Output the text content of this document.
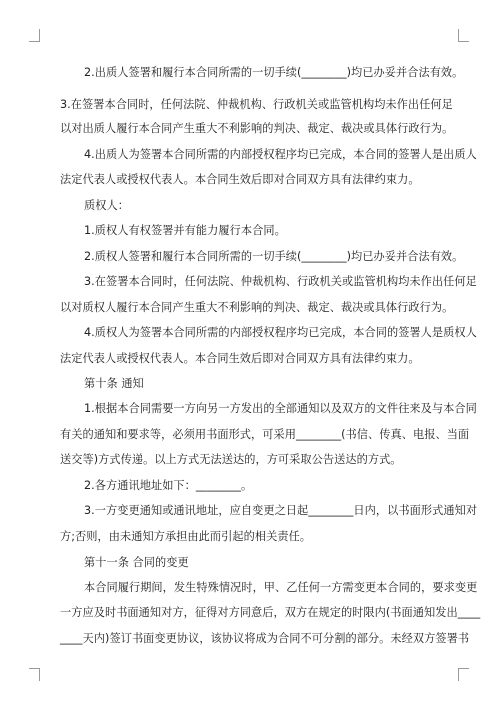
2.出质人签署和履行本合同所需的一切手续(________)均已办妥并合法有效。
3.在签署本合同时，任何法院、仲裁机构、行政机关或监管机构均未作出任何足
以对出质人履行本合同产生重大不利影响的判决、裁定、裁决或具体行政行为。
4.出质人为签署本合同所需的内部授权程序均已完成，本合同的签署人是出质人
法定代表人或授权代表人。本合同生效后即对合同双方具有法律约束力。
质权人：
1.质权人有权签署并有能力履行本合同。
2.质权人签署和履行本合同所需的一切手续(________)均已办妥并合法有效。
3.在签署本合同时，任何法院、仲裁机构、行政机关或监管机构均未作出任何足
以对质权人履行本合同产生重大不利影响的判决、裁定、裁决或具体行政行为。
4.质权人为签署本合同所需的内部授权程序均已完成，本合同的签署人是质权人
法定代表人或授权代表人。本合同生效后即对合同双方具有法律约束力。
第十条 通知
1.根据本合同需要一方向另一方发出的全部通知以及双方的文件往来及与本合同
有关的通知和要求等，必须用书面形式，可采用________(书信、传真、电报、当面
送交等)方式传递。以上方式无法送达的，方可采取公告送达的方式。
2.各方通讯地址如下：________。
3.一方变更通知或通讯地址，应自变更之日起________日内，以书面形式通知对
方;否则，由未通知方承担由此而引起的相关责任。
第十一条 合同的变更
本合同履行期间，发生特殊情况时，甲、乙任何一方需变更本合同的，要求变更
一方应及时书面通知对方，征得对方同意后，双方在规定的时限内(书面通知发出____
____天内)签订书面变更协议，该协议将成为合同不可分割的部分。未经双方签署书
